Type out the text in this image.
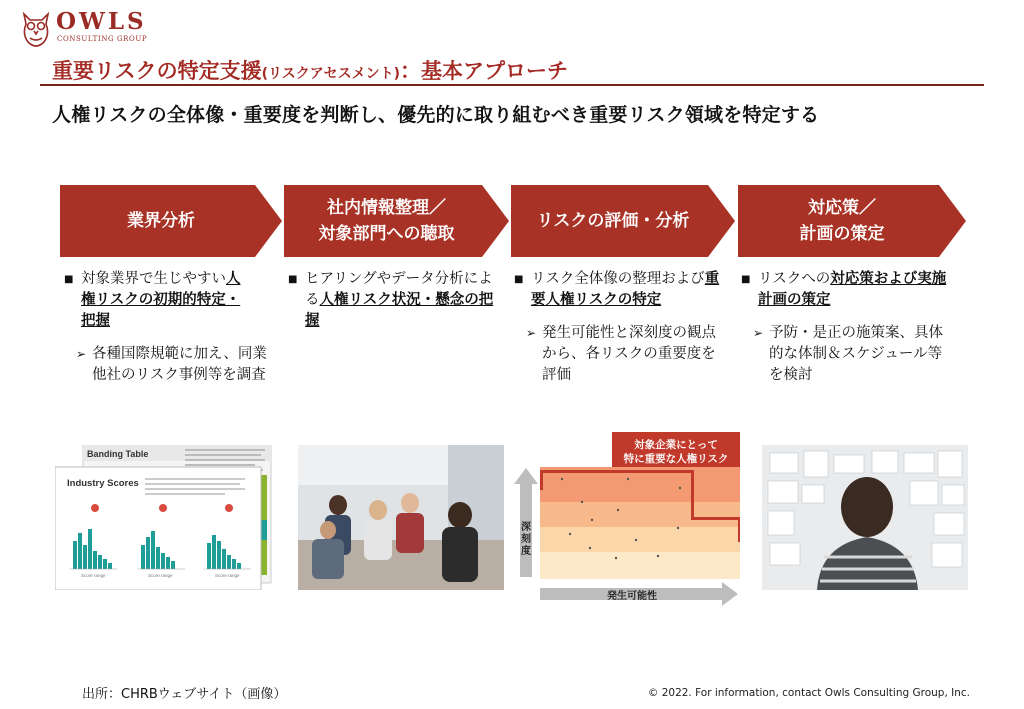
OWLS
CONSULTING GROUP
重要リスクの特定支援(リスクアセスメント)：基本アプローチ
人権リスクの全体像・重要度を判断し、優先的に取り組むべき重要リスク領域を特定する
業界分析
社内情報整理／
対象部門への聴取
リスクの評価・分析
対応策／
計画の策定
■ 対象業界で生じやすい人権リスクの初期的特定・把握
➢ 各種国際規範に加え、同業他社のリスク事例等を調査
■ ヒアリングやデータ分析による人権リスク状況・懸念の把握
■ リスク全体像の整理および重要人権リスクの特定
➢ 発生可能性と深刻度の観点から、各リスクの重要度を評価
■ リスクへの対応策および実施計画の策定
➢ 予防・是正の施策案、具体的な体制＆スケジュール等を検討
Banding Table
Industry Scores
Score range	Score range	Score range
対象企業にとって
特に重要な人権リスク
深
刻
度
発生可能性
出所：CHRBウェブサイト（画像）	© 2022. For information, contact Owls Consulting Group, Inc.
